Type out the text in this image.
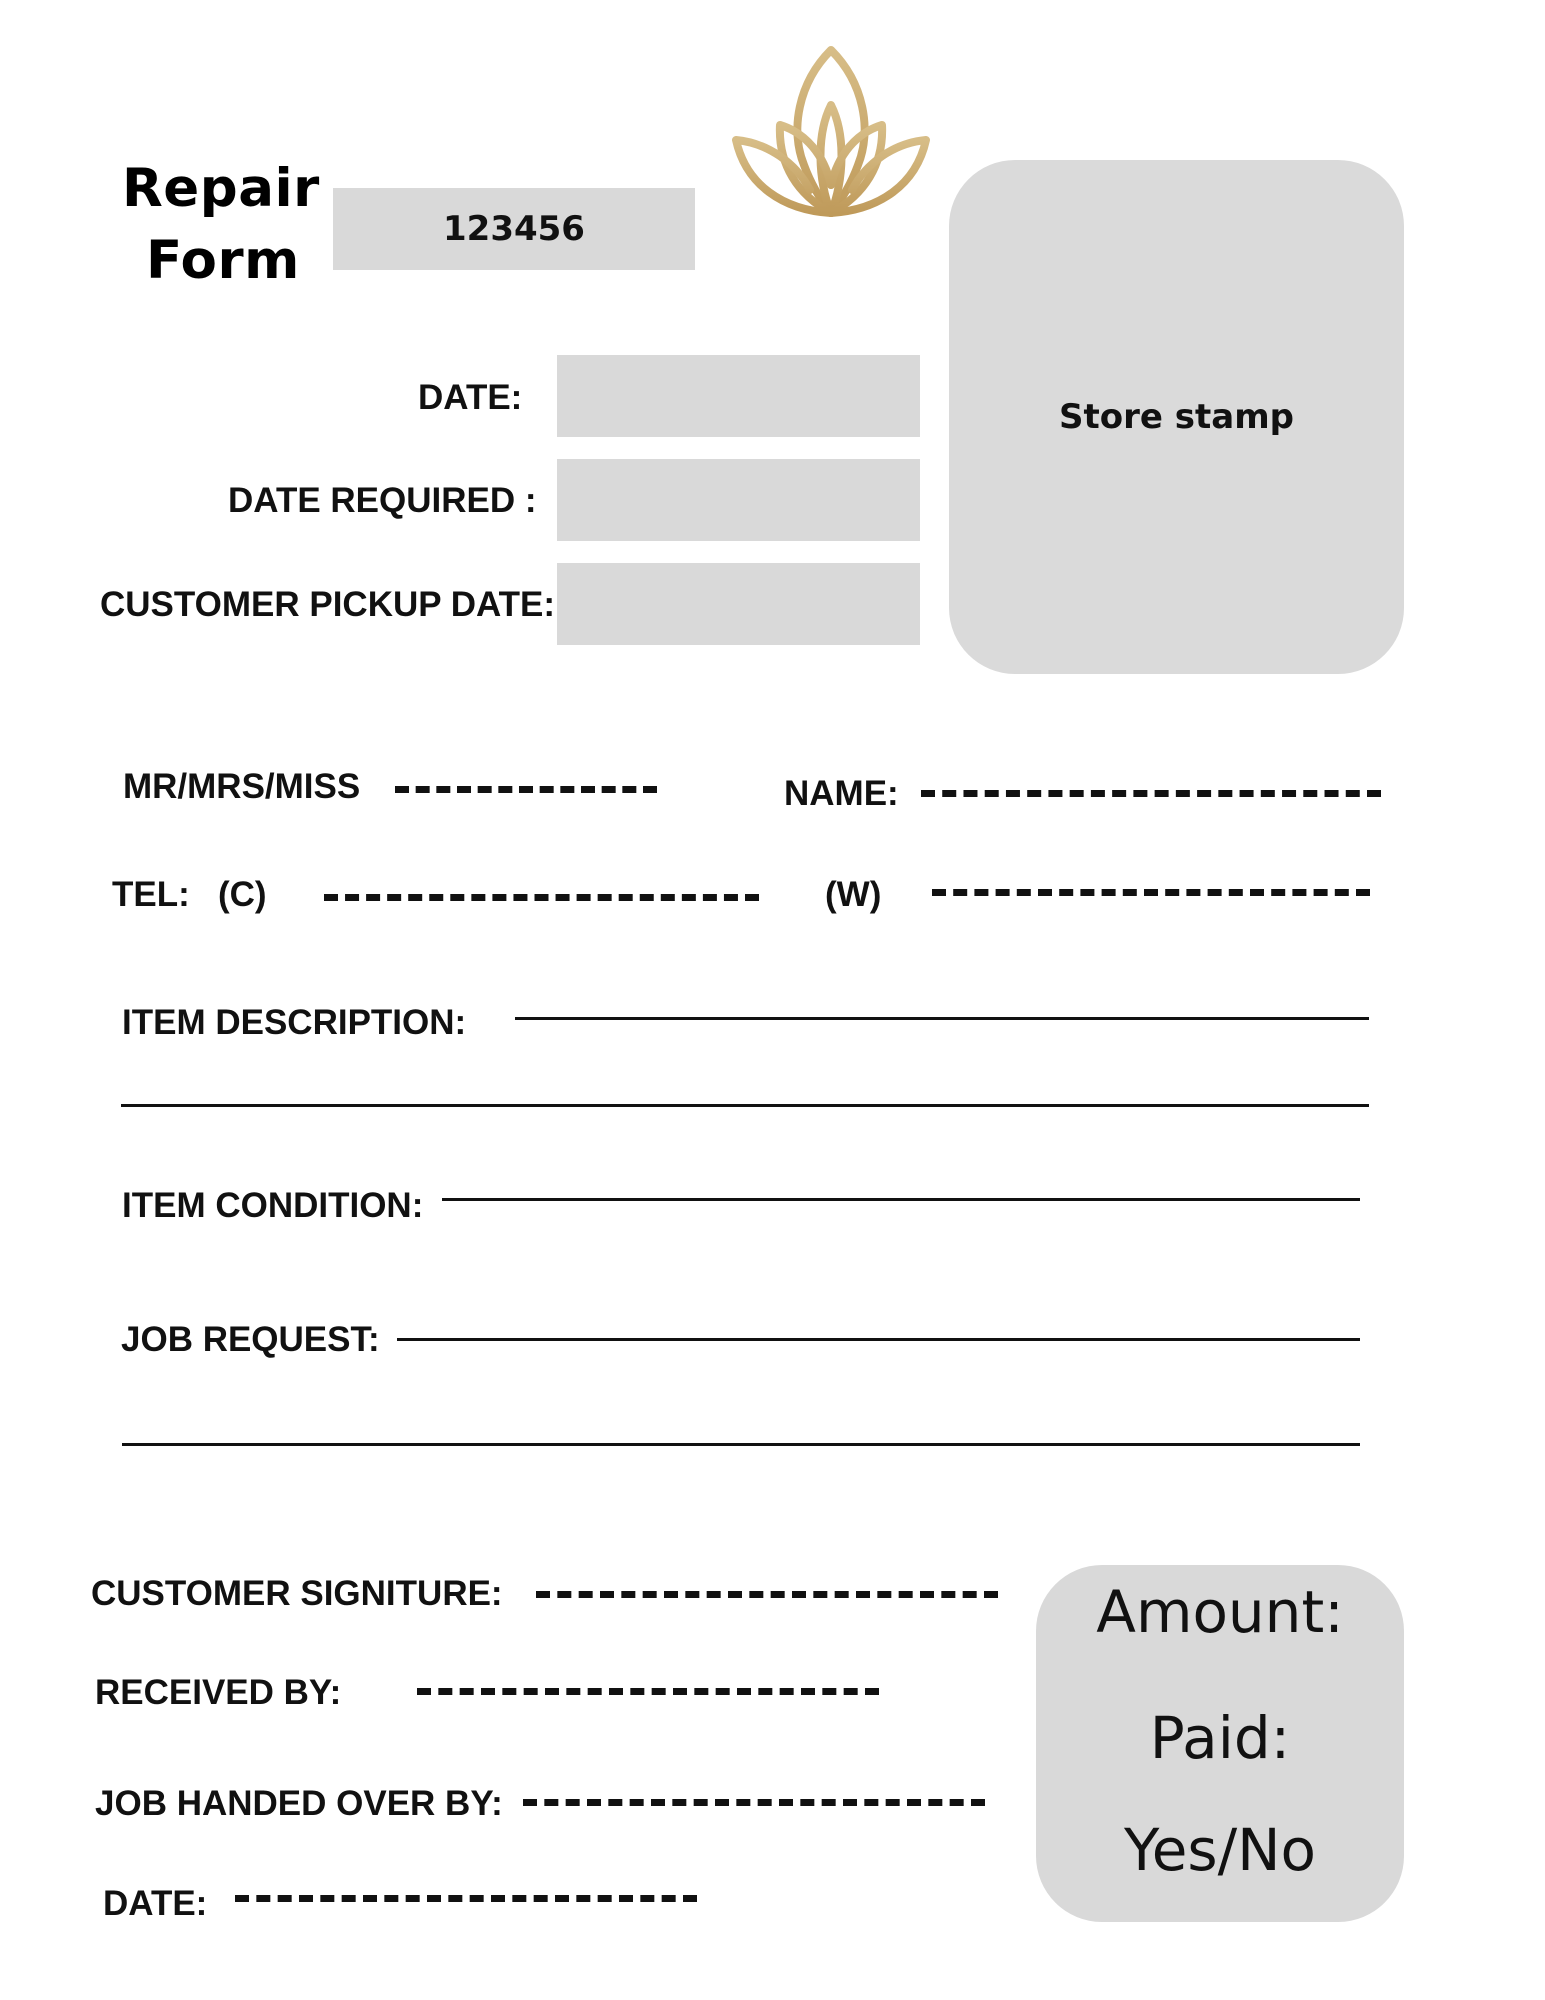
Repair
Form
123456
Store stamp
DATE:
DATE REQUIRED :
CUSTOMER PICKUP DATE:
MR/MRS/MISS	NAME:
TEL: (C)	(W)
ITEM DESCRIPTION:
ITEM CONDITION:
JOB REQUEST:
CUSTOMER SIGNITURE:
RECEIVED BY:
JOB HANDED OVER BY:
DATE:
Amount:
Paid:
Yes/No
